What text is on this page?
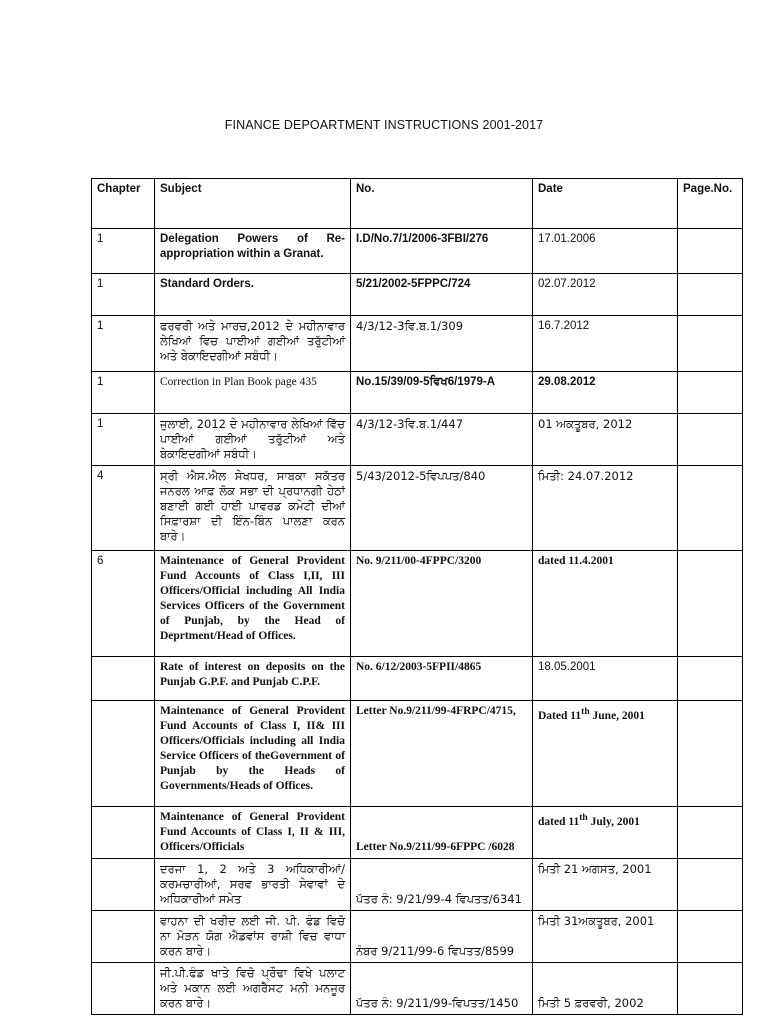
FINANCE DEPOARTMENT INSTRUCTIONS 2001-2017
Chapter	Subject	No.	Date	Page.No.
1	Delegation Powers of Re-appropriation within a Granat.	I.D/No.7/1/2006-3FBI/276	17.01.2006	
1	Standard Orders.	5/21/2002-5FPPC/724	02.07.2012	
1	ਫਰਵਰੀ ਅਤੇ ਮਾਰਚ,2012 ਦੇ ਮਹੀਨਾਵਾਰ ਲੇਖਿਆਂ ਵਿਚ ਪਾਈਆਂ ਗਈਆਂ ਤਰੁੱਟੀਆਂ ਅਤੇ ਬੇਕਾਇਦਗੀਆਂ ਸਬੰਧੀ।	4/3/12-3ਵਿ.ਬ.1/309	16.7.2012	
1	Correction in Plan Book page 435	No.15/39/09-5ਵਿਖ6/1979-A	29.08.2012	
1	ਜੁਲਾਈ, 2012 ਦੇ ਮਹੀਨਾਵਾਰ ਲੇਖਿਆਂ ਵਿੱਚ ਪਾਈਆਂ ਗਈਆਂ ਤਰੁੱਟੀਆਂ ਅਤੇ ਬੇਕਾਇਦਗੀਆਂ ਸਬੰਧੀ।	4/3/12-3ਵਿ.ਬ.1/447	01 ਅਕਤੂਬਰ, 2012	
4	ਸ੍ਰੀ ਐਸ.ਐਲ ਸੇਖਧਰ, ਸਾਬਕਾ ਸਕੱਤਰ ਜਨਰਲ ਆਫ਼ ਲੋਕ ਸਭਾ ਦੀ ਪ੍ਰਧਾਨਗੀ ਹੇਠਾਂ ਬਣਾਈ ਗਈ ਹਾਈ ਪਾਵਰਡ ਕਮੇਟੀ ਦੀਆਂ ਸਿਫ਼ਾਰਸ਼ਾ ਦੀ ਇੰਨ-ਬਿੰਨ ਪਾਲਣਾ ਕਰਨ ਬਾਰੇ।	5/43/2012-5ਵਿਪਪਤ/840	ਮਿਤੀ: 24.07.2012	
6	Maintenance of General Provident Fund Accounts of Class I,II, III Officers/Official including All India Services Officers of the Government of Punjab, by the Head of Deprtment/Head of Offices.	No. 9/211/00-4FPPC/3200	dated 11.4.2001	
	Rate of interest on deposits on the Punjab G.P.F. and Punjab C.P.F.	No. 6/12/2003-5FPII/4865	18.05.2001	
	Maintenance of General Provident Fund Accounts of Class I, II& III Officers/Officials including all India Service Officers of theGovernment of Punjab by the Heads of Governments/Heads of Offices.	Letter No.9/211/99-4FRPC/4715,	Dated 11th June, 2001	
	Maintenance of General Provident Fund Accounts of Class I, II & III, Officers/Officials	Letter No.9/211/99-6FPPC /6028	dated 11th July, 2001	
	ਦਰਜਾ 1, 2 ਅਤੇ 3 ਅਧਿਕਾਰੀਆਂ/ਕਰਮਚਾਰੀਆਂ, ਸਰਵ ਭਾਰਤੀ ਸੇਵਾਵਾਂ ਦੇ ਅਧਿਕਾਰੀਆਂ ਸਮੇਤ	ਪੱਤਰ ਨੰ: 9/21/99-4 ਵਿਪਤਤ/6341	ਮਿਤੀ 21 ਅਗਸਤ, 2001	
	ਵਾਹਨਾ ਦੀ ਖਰੀਦ ਲਈ ਜੀ. ਪੀ. ਫੰਡ ਵਿਚੋ ਨਾ ਮੋੜਨ ਯੋਗ ਐਡਵਾਂਸ ਰਾਸ਼ੀ ਵਿਚ ਵਾਧਾ ਕਰਨ ਬਾਰੇ।	ਨੰਬਰ 9/211/99-6 ਵਿਪਤਤ/8599	ਮਿਤੀ 31ਅਕਤੂਬਰ, 2001	
	ਜੀ.ਪੀ.ਫੰਡ ਖਾਤੇ ਵਿਚੋ ਪ੍ਰੌਢਾ ਵਿਖੇ ਪਲਾਟ ਅਤੇ ਮਕਾਨ ਲਈ ਅਗਰੈਸਟ ਮਨੀ ਮਨਜੂਰ ਕਰਨ ਬਾਰੇ।	ਪੱਤਰ ਨੰ: 9/211/99-ਵਿਪਤਤ/1450	ਮਿਤੀ 5 ਫ਼ਰਵਰੀ, 2002	
